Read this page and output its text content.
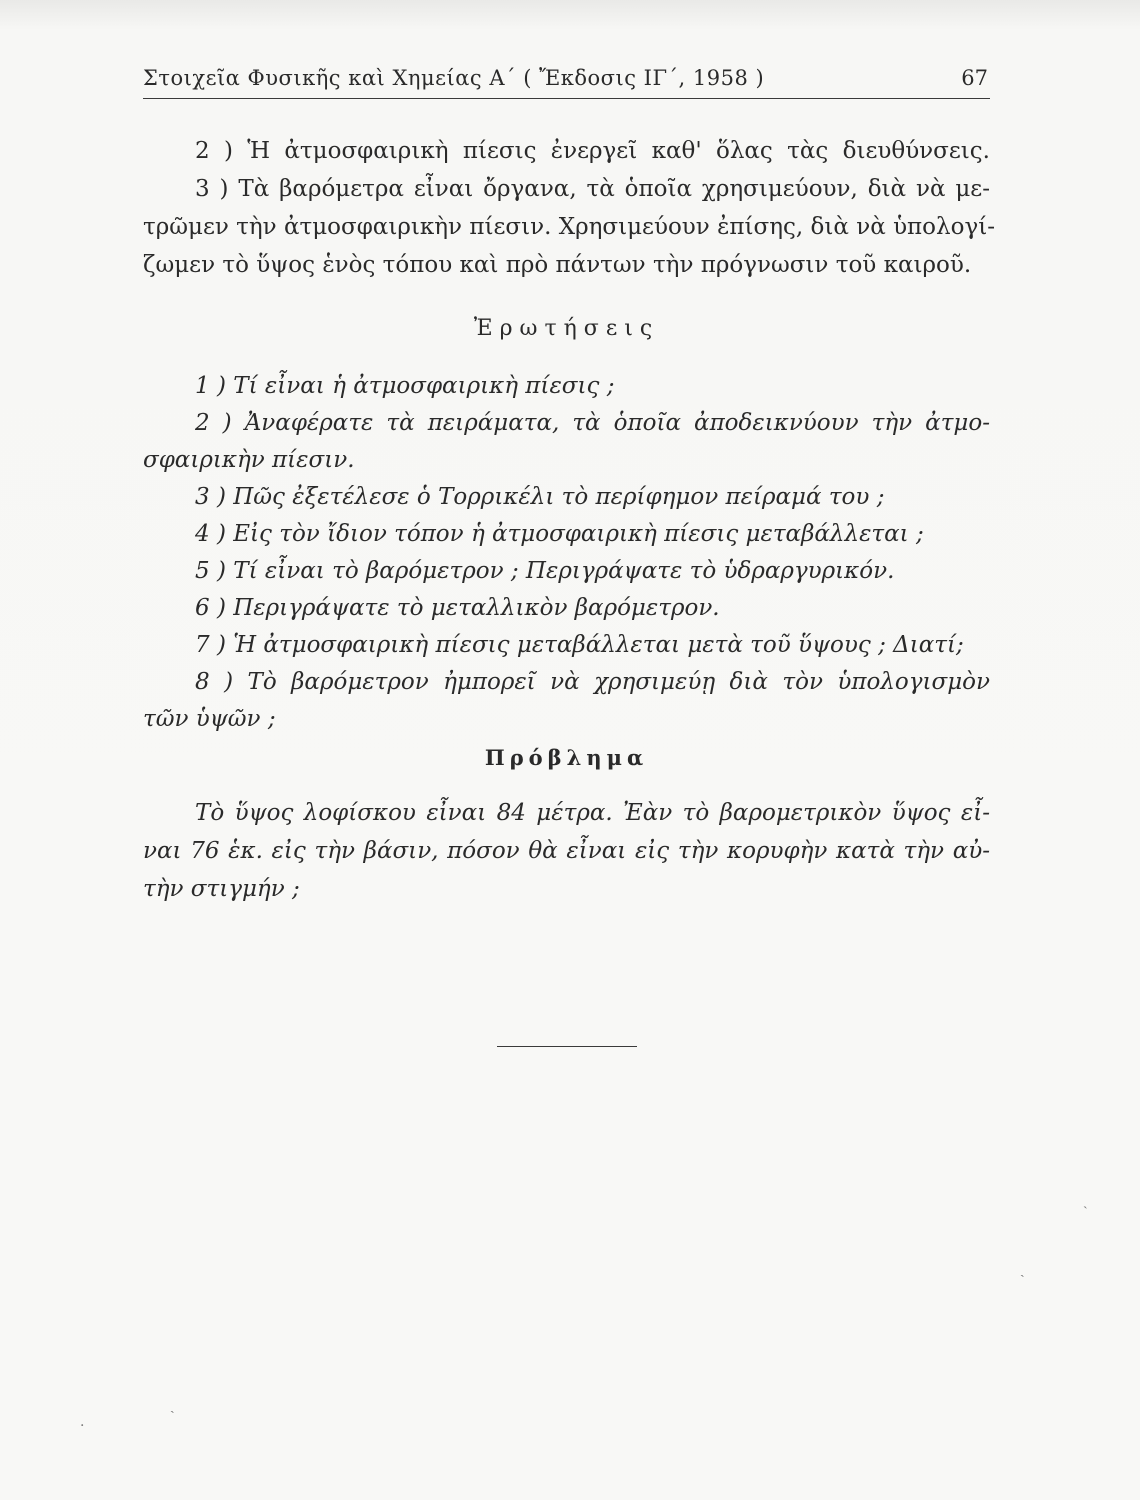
Στοιχεῖα Φυσικῆς καὶ Χημείας Α΄ ( Ἔκδοσις ΙΓ΄, 1958 )	67
2 ) Ἡ ἀτμοσφαιρικὴ πίεσις ἐνεργεῖ καθ' ὅλας τὰς διευθύνσεις.
3 ) Τὰ βαρόμετρα εἶναι ὄργανα, τὰ ὁποῖα χρησιμεύουν, διὰ νὰ με-
τρῶμεν τὴν ἀτμοσφαιρικὴν πίεσιν. Χρησιμεύουν ἐπίσης, διὰ νὰ ὑπολογί-
ζωμεν τὸ ὕψος ἑνὸς τόπου καὶ πρὸ πάντων τὴν πρόγνωσιν τοῦ καιροῦ.
Ἐρωτήσεις
1 ) Τί εἶναι ἡ ἀτμοσφαιρικὴ πίεσις ;
2 ) Ἀναφέρατε τὰ πειράματα, τὰ ὁποῖα ἀποδεικνύουν τὴν ἀτμο-
σφαιρικὴν πίεσιν.
3 ) Πῶς ἐξετέλεσε ὁ Τορρικέλι τὸ περίφημον πείραμά του ;
4 ) Εἰς τὸν ἴδιον τόπον ἡ ἀτμοσφαιρικὴ πίεσις μεταβάλλεται ;
5 ) Τί εἶναι τὸ βαρόμετρον ; Περιγράψατε τὸ ὑδραργυρικόν.
6 ) Περιγράψατε τὸ μεταλλικὸν βαρόμετρον.
7 ) Ἡ ἀτμοσφαιρικὴ πίεσις μεταβάλλεται μετὰ τοῦ ὕψους ; Διατί;
8 ) Τὸ βαρόμετρον ἠμπορεῖ νὰ χρησιμεύῃ διὰ τὸν ὑπολογισμὸν
τῶν ὑψῶν ;
Πρόβλημα
Τὸ ὕψος λοφίσκου εἶναι 84 μέτρα. Ἐὰν τὸ βαρομετρικὸν ὕψος εἶ-
ναι 76 ἑκ. εἰς τὴν βάσιν, πόσον θὰ εἶναι εἰς τὴν κορυφὴν κατὰ τὴν αὐ-
τὴν στιγμήν ;
˴
ˏ
ˏ
·
